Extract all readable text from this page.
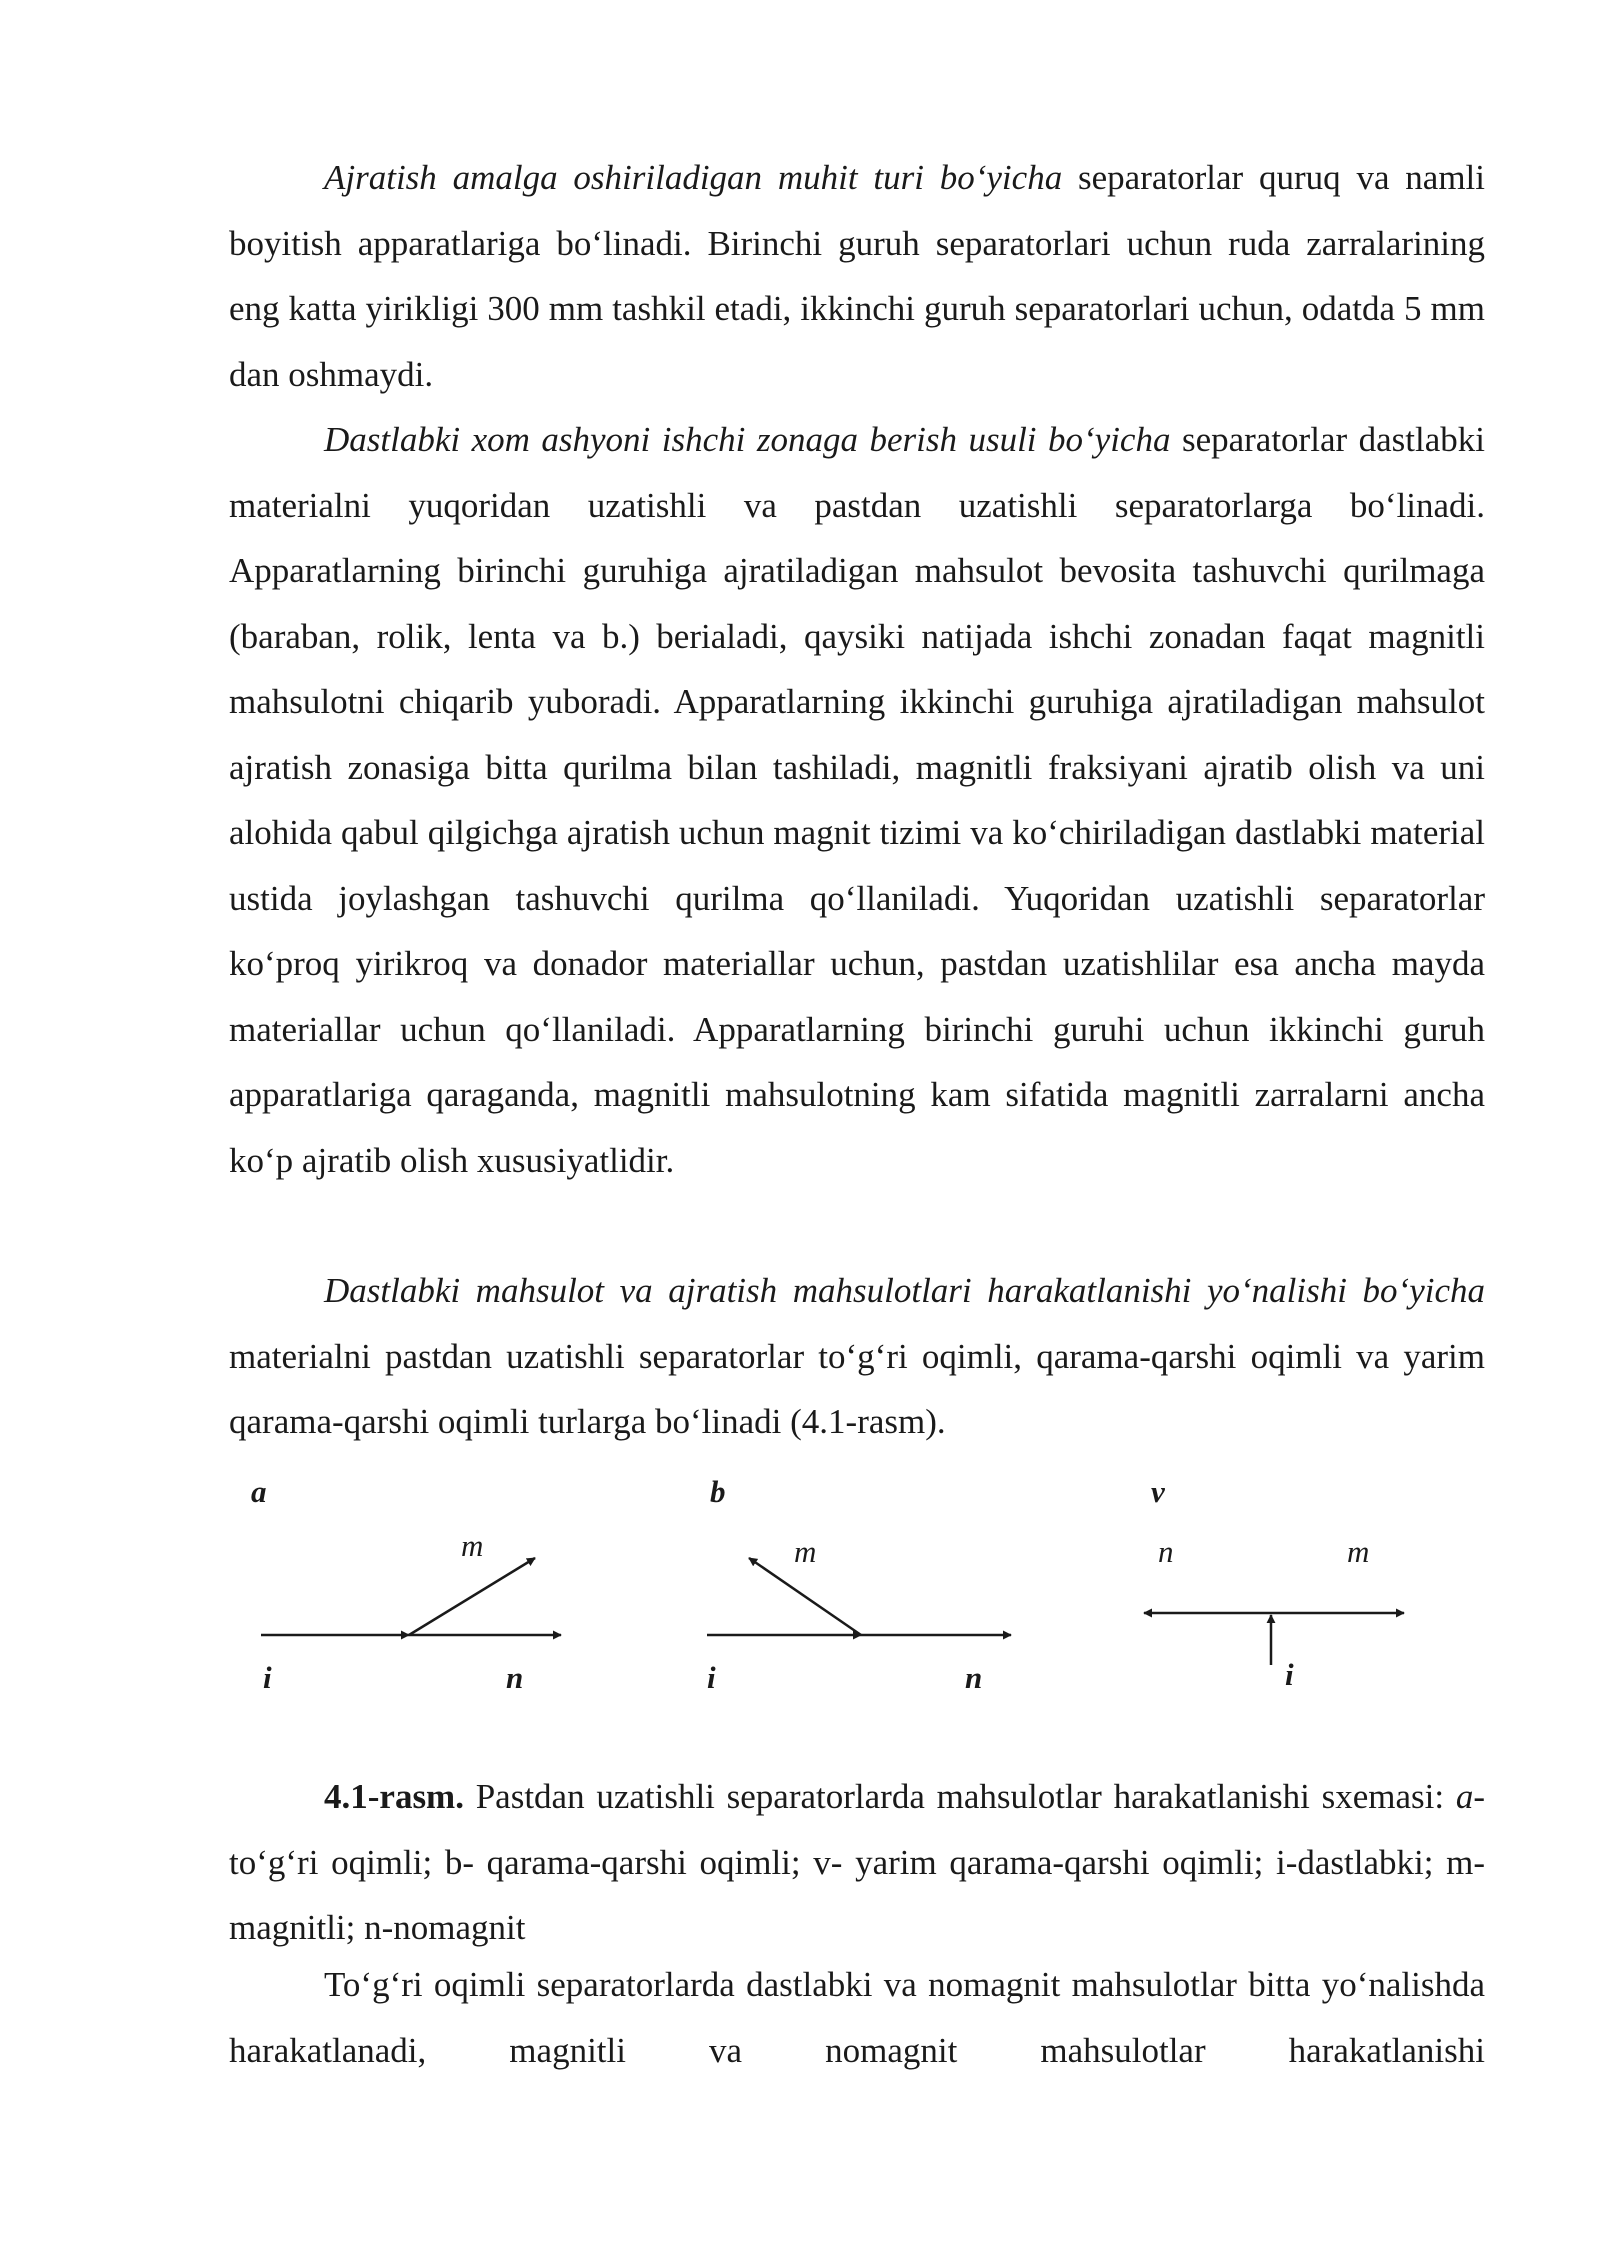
Ajratish amalga oshiriladigan muhit turi bo‘yicha separatorlar quruq va namli boyitish apparatlariga bo‘linadi. Birinchi guruh separatorlari uchun ruda zarralarining eng katta yirikligi 300 mm tashkil etadi, ikkinchi guruh separatorlari uchun, odatda 5 mm dan oshmaydi.

Dastlabki xom ashyoni ishchi zonaga berish usuli bo‘yicha separatorlar dastlabki materialni yuqoridan uzatishli va pastdan uzatishli separatorlarga bo‘linadi. Apparatlarning birinchi guruhiga ajratiladigan mahsulot bevosita tashuvchi qurilmaga (baraban, rolik, lenta va b.) berialadi, qaysiki natijada ishchi zonadan faqat magnitli mahsulotni chiqarib yuboradi. Apparatlarning ikkinchi guruhiga ajratiladigan mahsulot ajratish zonasiga bitta qurilma bilan tashiladi, magnitli fraksiyani ajratib olish va uni alohida qabul qilgichga ajratish uchun magnit tizimi va ko‘chiriladigan dastlabki material ustida joylashgan tashuvchi qurilma qo‘llaniladi. Yuqoridan uzatishli separatorlar ko‘proq yirikroq va donador materiallar uchun, pastdan uzatishlilar esa ancha mayda materiallar uchun qo‘llaniladi. Apparatlarning birinchi guruhi uchun ikkinchi guruh apparatlariga qaraganda, magnitli mahsulotning kam sifatida magnitli zarralarni ancha ko‘p ajratib olish xususiyatlidir.

Dastlabki mahsulot va ajratish mahsulotlari harakatlanishi yo‘nalishi bo‘yicha materialni pastdan uzatishli separatorlar to‘g‘ri oqimli, qarama-qarshi oqimli va yarim qarama-qarshi oqimli turlarga bo‘linadi (4.1-rasm).

a
m
i	n
b
m
i	n
v
n	m
i

4.1-rasm. Pastdan uzatishli separatorlarda mahsulotlar harakatlanishi sxemasi: a- to‘g‘ri oqimli; b- qarama-qarshi oqimli; v- yarim qarama-qarshi oqimli; i-dastlabki; m-magnitli; n-nomagnit

To‘g‘ri oqimli separatorlarda dastlabki va nomagnit mahsulotlar bitta yo‘nalishda harakatlanadi, magnitli va nomagnit mahsulotlar harakatlanishi
